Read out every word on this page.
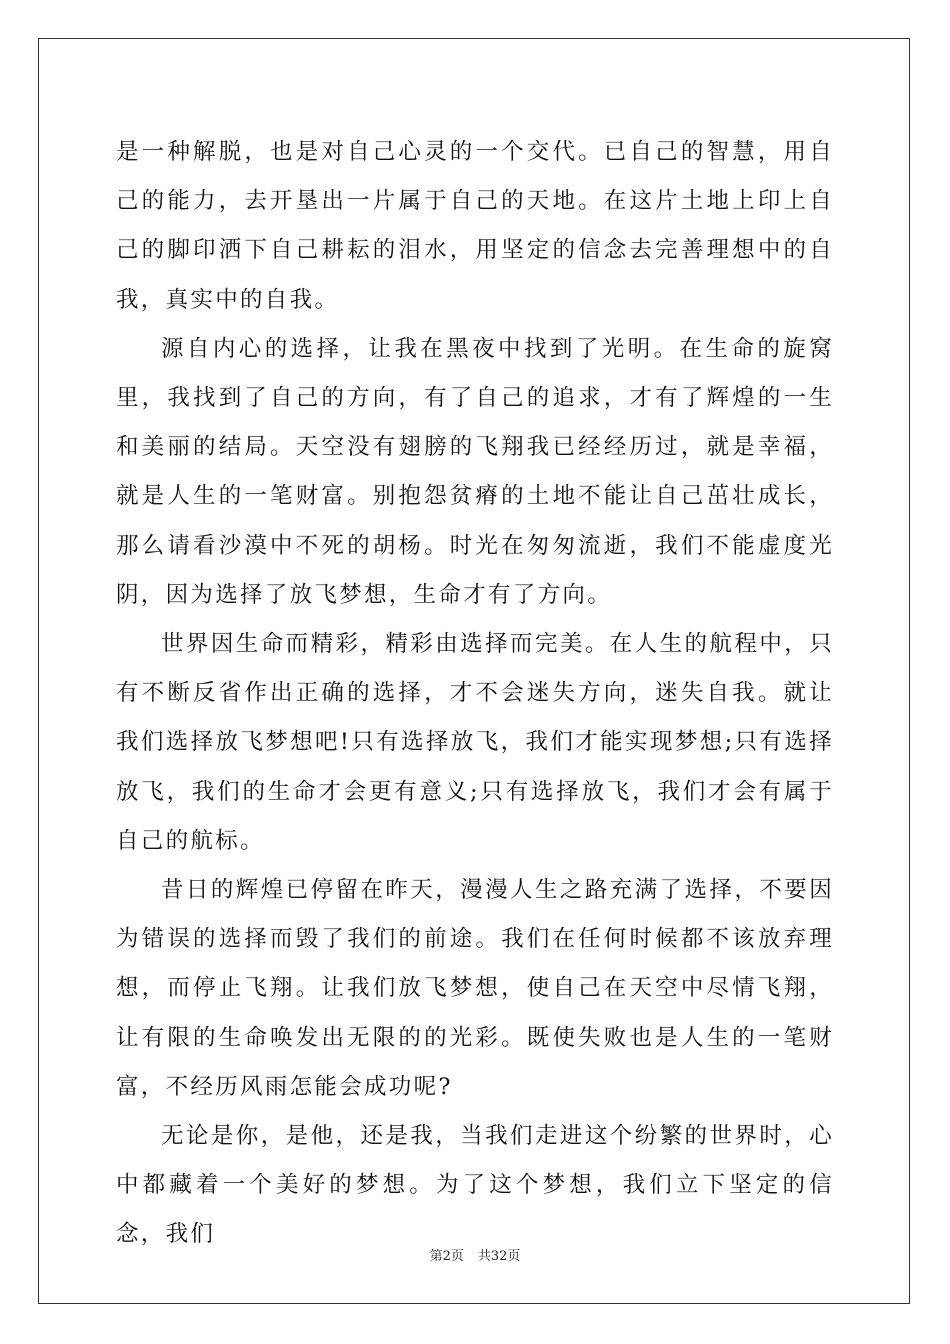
是一种解脱，也是对自己心灵的一个交代。已自己的智慧，用自己的能力，去开垦出一片属于自己的天地。在这片土地上印上自己的脚印洒下自己耕耘的泪水，用坚定的信念去完善理想中的自我，真实中的自我。

源自内心的选择，让我在黑夜中找到了光明。在生命的旋窝里，我找到了自己的方向，有了自己的追求，才有了辉煌的一生和美丽的结局。天空没有翅膀的飞翔我已经经历过，就是幸福，就是人生的一笔财富。别抱怨贫瘠的土地不能让自己茁壮成长，那么请看沙漠中不死的胡杨。时光在匆匆流逝，我们不能虚度光阴，因为选择了放飞梦想，生命才有了方向。

世界因生命而精彩，精彩由选择而完美。在人生的航程中，只有不断反省作出正确的选择，才不会迷失方向，迷失自我。就让我们选择放飞梦想吧!只有选择放飞，我们才能实现梦想;只有选择放飞，我们的生命才会更有意义;只有选择放飞，我们才会有属于自己的航标。

昔日的辉煌已停留在昨天，漫漫人生之路充满了选择，不要因为错误的选择而毁了我们的前途。我们在任何时候都不该放弃理想，而停止飞翔。让我们放飞梦想，使自己在天空中尽情飞翔，让有限的生命唤发出无限的的光彩。既使失败也是人生的一笔财富，不经历风雨怎能会成功呢?

无论是你，是他，还是我，当我们走进这个纷繁的世界时，心中都藏着一个美好的梦想。为了这个梦想，我们立下坚定的信念，我们

第2页 共32页
